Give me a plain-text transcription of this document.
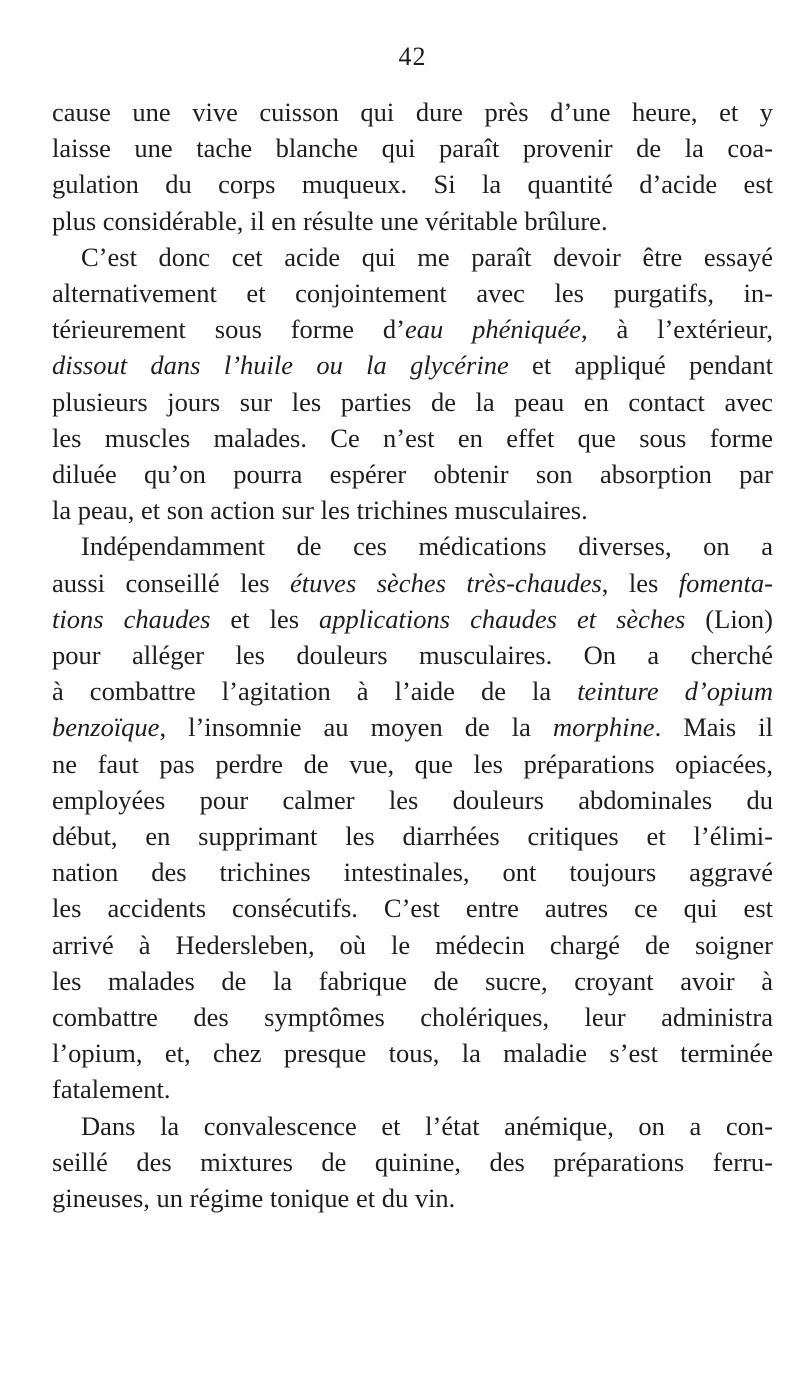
42
cause une vive cuisson qui dure près d’une heure, et y
laisse une tache blanche qui paraît provenir de la coa-
gulation du corps muqueux. Si la quantité d’acide est
plus considérable, il en résulte une véritable brûlure.
C’est donc cet acide qui me paraît devoir être essayé
alternativement et conjointement avec les purgatifs, in-
térieurement sous forme d’eau phéniquée, à l’extérieur,
dissout dans l’huile ou la glycérine et appliqué pendant
plusieurs jours sur les parties de la peau en contact avec
les muscles malades. Ce n’est en effet que sous forme
diluée qu’on pourra espérer obtenir son absorption par
la peau, et son action sur les trichines musculaires.
Indépendamment de ces médications diverses, on a
aussi conseillé les étuves sèches très-chaudes, les fomenta-
tions chaudes et les applications chaudes et sèches (Lion)
pour alléger les douleurs musculaires. On a cherché
à combattre l’agitation à l’aide de la teinture d’opium
benzoïque, l’insomnie au moyen de la morphine. Mais il
ne faut pas perdre de vue, que les préparations opiacées,
employées pour calmer les douleurs abdominales du
début, en supprimant les diarrhées critiques et l’élimi-
nation des trichines intestinales, ont toujours aggravé
les accidents consécutifs. C’est entre autres ce qui est
arrivé à Hedersleben, où le médecin chargé de soigner
les malades de la fabrique de sucre, croyant avoir à
combattre des symptômes cholériques, leur administra
l’opium, et, chez presque tous, la maladie s’est terminée
fatalement.
Dans la convalescence et l’état anémique, on a con-
seillé des mixtures de quinine, des préparations ferru-
gineuses, un régime tonique et du vin.
